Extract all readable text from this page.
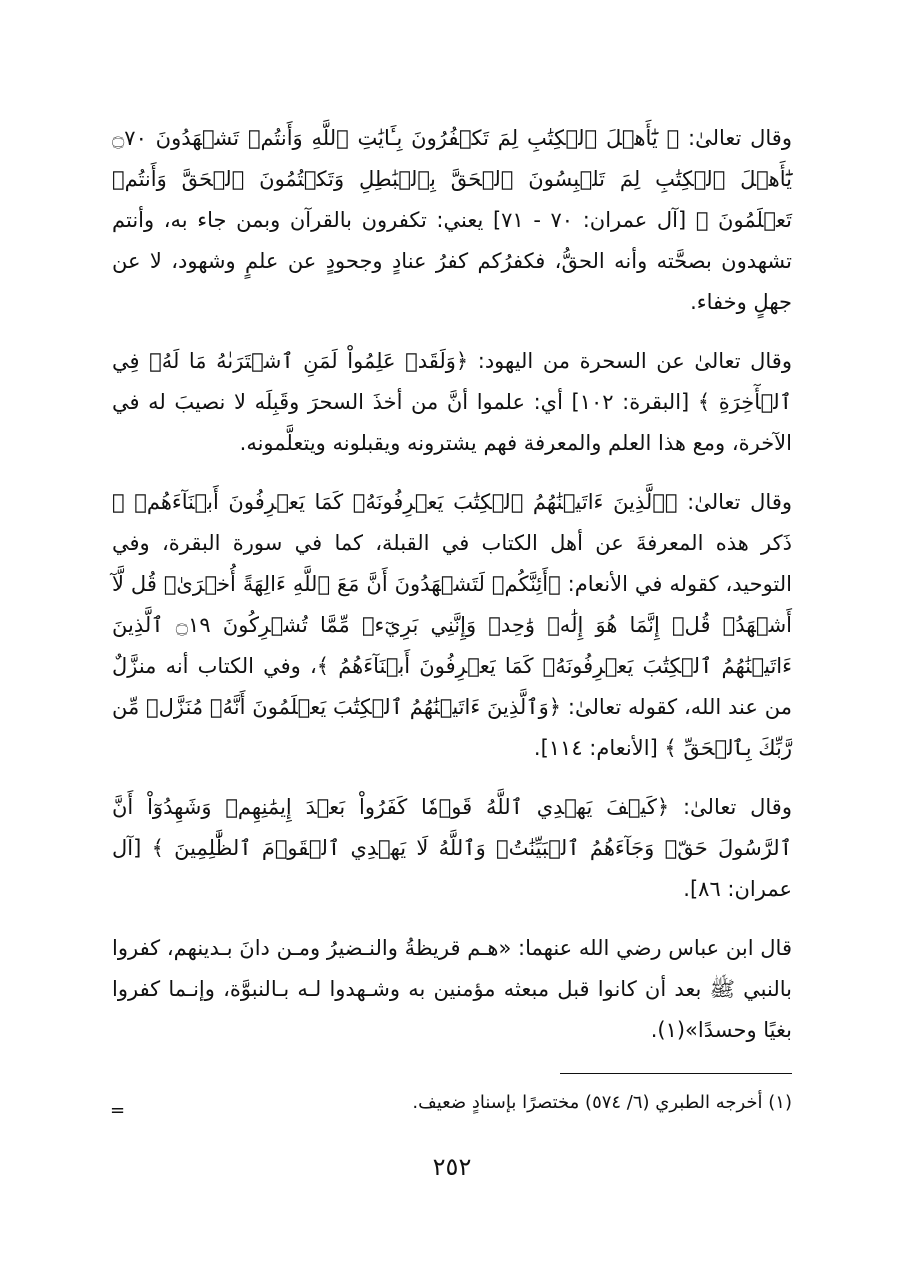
وقال تعالىٰ: ﴿ يَٰٓأَهۡلَ ٱلۡكِتَٰبِ لِمَ تَكۡفُرُونَ بِـَٔايَٰتِ ٱللَّهِ وَأَنتُمۡ تَشۡهَدُونَ ۝٧٠ يَٰٓأَهۡلَ ٱلۡكِتَٰبِ لِمَ تَلۡبِسُونَ ٱلۡحَقَّ بِٱلۡبَٰطِلِ وَتَكۡتُمُونَ ٱلۡحَقَّ وَأَنتُمۡ تَعۡلَمُونَ ﴾ [آل عمران: ٧٠ - ٧١] يعني: تكفرون بالقرآن وبمن جاء به، وأنتم تشهدون بصحَّته وأنه الحقُّ، فكفرُكم كفرُ عنادٍ وجحودٍ عن علمٍ وشهود، لا عن جهلٍ وخفاء.

وقال تعالىٰ عن السحرة من اليهود: ﴿وَلَقَدۡ عَلِمُواْ لَمَنِ ٱشۡتَرَىٰهُ مَا لَهُۥ فِي ٱلۡأٓخِرَةِ ﴾ [البقرة: ١٠٢] أي: علموا أنَّ من أخذَ السحرَ وقَبِلَه لا نصيبَ له في الآخرة، ومع هذا العلم والمعرفة فهم يشترونه ويقبلونه ويتعلَّمونه.

وقال تعالىٰ: ﴿ٱلَّذِينَ ءَاتَيۡنَٰهُمُ ٱلۡكِتَٰبَ يَعۡرِفُونَهُۥ كَمَا يَعۡرِفُونَ أَبۡنَآءَهُمۡ ﴾ ذَكر هذه المعرفةَ عن أهل الكتاب في القبلة، كما في سورة البقرة، وفي التوحيد، كقوله في الأنعام: ﴿أَئِنَّكُمۡ لَتَشۡهَدُونَ أَنَّ مَعَ ٱللَّهِ ءَالِهَةً أُخۡرَىٰۚ قُل لَّآ أَشۡهَدُۚ قُلۡ إِنَّمَا هُوَ إِلَٰهٞ وَٰحِدٞ وَإِنَّنِي بَرِيٓءٞ مِّمَّا تُشۡرِكُونَ ۝١٩ ٱلَّذِينَ ءَاتَيۡنَٰهُمُ ٱلۡكِتَٰبَ يَعۡرِفُونَهُۥ كَمَا يَعۡرِفُونَ أَبۡنَآءَهُمُ ﴾، وفي الكتاب أنه منزَّلٌ من عند الله، كقوله تعالىٰ: ﴿وَٱلَّذِينَ ءَاتَيۡنَٰهُمُ ٱلۡكِتَٰبَ يَعۡلَمُونَ أَنَّهُۥ مُنَزَّلٞ مِّن رَّبِّكَ بِٱلۡحَقِّ ﴾ [الأنعام: ١١٤].

وقال تعالىٰ: ﴿كَيۡفَ يَهۡدِي ٱللَّهُ قَوۡمٗا كَفَرُواْ بَعۡدَ إِيمَٰنِهِمۡ وَشَهِدُوٓاْ أَنَّ ٱلرَّسُولَ حَقّٞ وَجَآءَهُمُ ٱلۡبَيِّنَٰتُۚ وَٱللَّهُ لَا يَهۡدِي ٱلۡقَوۡمَ ٱلظَّٰلِمِينَ ﴾ [آل عمران: ٨٦].

قال ابن عباس رضي الله عنهما: «هـم قريظةُ والنـضيرُ ومـن دانَ بـدينهم، كفروا بالنبي ﷺ بعد أن كانوا قبل مبعثه مؤمنين به وشـهدوا لـه بـالنبوَّة، وإنـما كفروا بغيًا وحسدًا»(١).

(١) أخرجه الطبري (٦/ ٥٧٤) مختصرًا بإسنادٍ ضعيف.
=
٢٥٢
